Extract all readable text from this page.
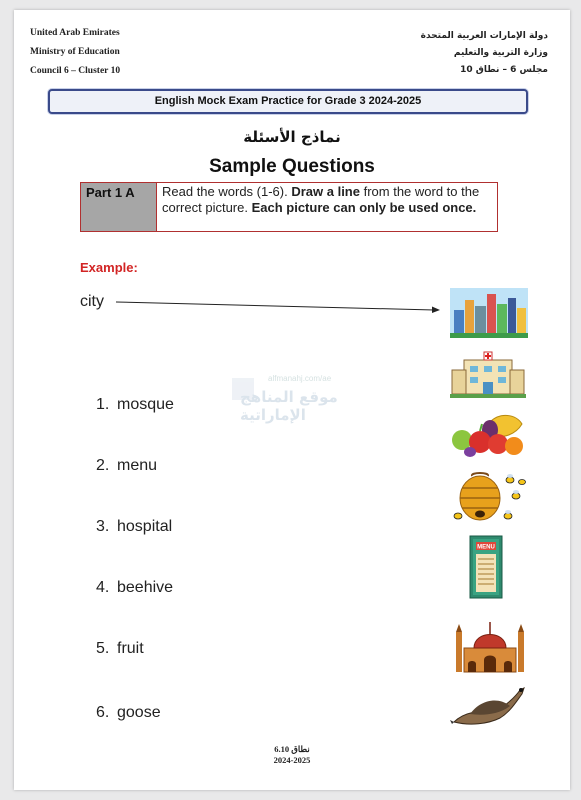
United Arab Emirates
Ministry of Education
Council 6 – Cluster 10
دولة الإمارات العربية المتحدة
وزارة التربية والتعليم
مجلس 6 – نطاق 10
English Mock Exam Practice for Grade 3 2024-2025
نماذج الأسئلة
Sample Questions
Part 1 A	Read the words (1-6). Draw a line from the word to the correct picture. Each picture can only be used once.
Example:
city
1. mosque
2. menu
3. hospital
4. beehive
5. fruit
6. goose
MENU
alfmanahj.com/ae
موقع المناهج الإماراتية
نطاق 6.10
2024-2025
